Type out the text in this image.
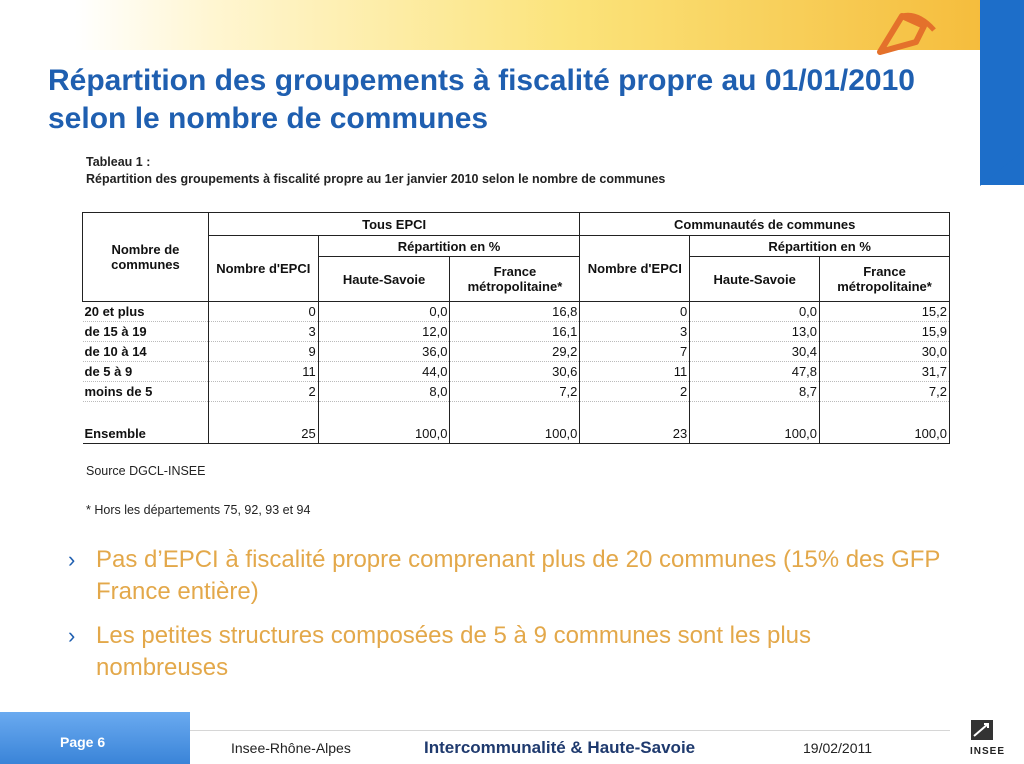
Répartition des groupements à fiscalité propre au 01/01/2010 selon le nombre de communes
Tableau 1 :
Répartition des groupements à fiscalité propre au 1er janvier 2010 selon le nombre de communes
Nombre de communes	Tous EPCI			Communautés de communes		
	Nombre d'EPCI	Répartition en %		Nombre d'EPCI	Répartition en %	
		Haute-Savoie	France métropolitaine*		Haute-Savoie	France métropolitaine*
20 et plus	0	0,0	16,8	0	0,0	15,2
de 15 à 19	3	12,0	16,1	3	13,0	15,9
de 10 à 14	9	36,0	29,2	7	30,4	30,0
de 5 à 9	11	44,0	30,6	11	47,8	31,7
moins de 5	2	8,0	7,2	2	8,7	7,2

Ensemble	25	100,0	100,0	23	100,0	100,0
Source DGCL-INSEE
* Hors les départements 75, 92, 93 et 94
› Pas d’EPCI à fiscalité propre comprenant plus de 20 communes (15% des GFP France entière)
› Les petites structures composées de 5 à 9 communes sont les plus nombreuses
Page 6	Insee-Rhône-Alpes	Intercommunalité & Haute-Savoie	19/02/2011	INSEE
